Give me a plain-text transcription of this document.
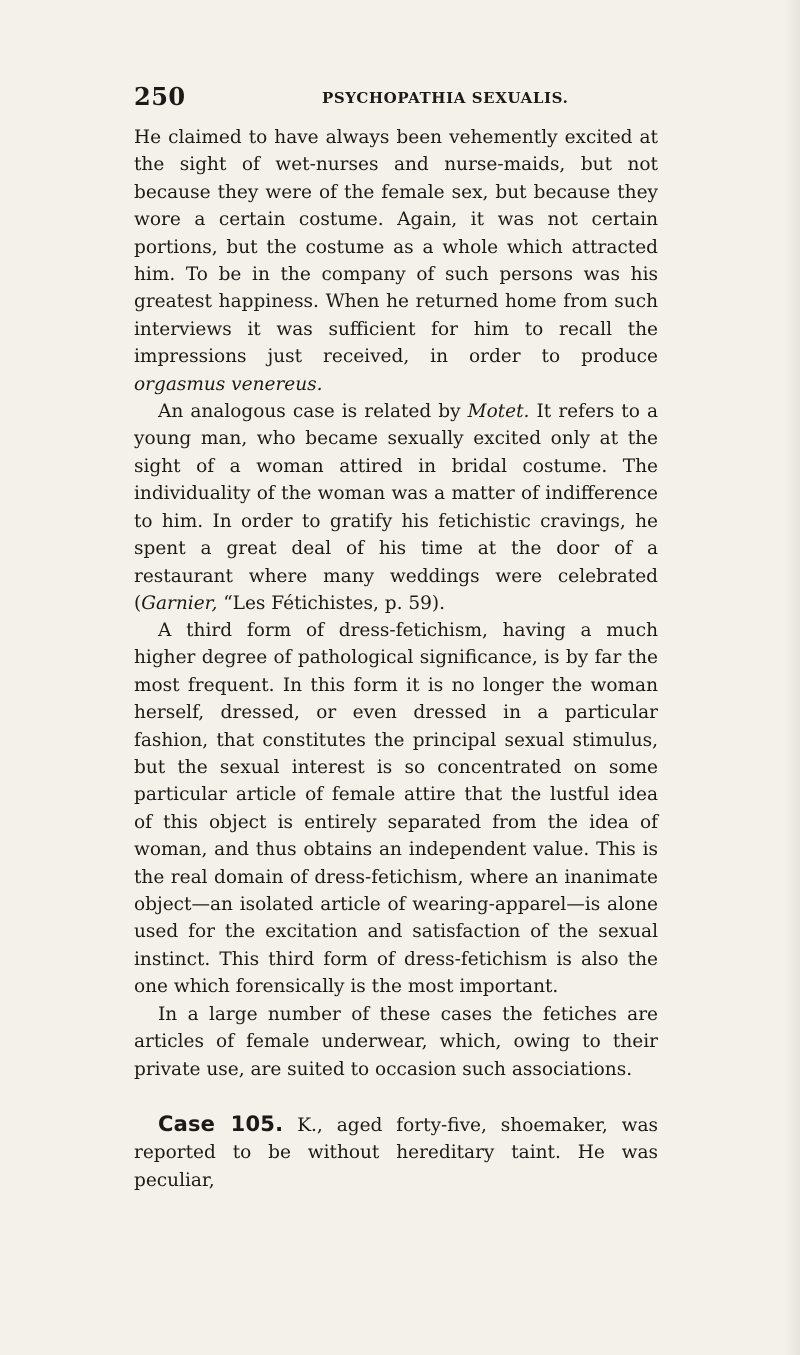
250	PSYCHOPATHIA SEXUALIS.

He claimed to have always been vehemently excited at the sight of wet-nurses and nurse-maids, but not because they were of the female sex, but because they wore a certain costume. Again, it was not certain portions, but the costume as a whole which attracted him. To be in the company of such persons was his greatest happiness. When he returned home from such interviews it was sufficient for him to recall the impressions just received, in order to produce orgasmus venereus.

An analogous case is related by Motet. It refers to a young man, who became sexually excited only at the sight of a woman attired in bridal costume. The individuality of the woman was a matter of indifference to him. In order to gratify his fetichistic cravings, he spent a great deal of his time at the door of a restaurant where many weddings were celebrated (Garnier, “Les Fétichistes, p. 59).

A third form of dress-fetichism, having a much higher degree of pathological significance, is by far the most frequent. In this form it is no longer the woman herself, dressed, or even dressed in a particular fashion, that constitutes the principal sexual stimulus, but the sexual interest is so concentrated on some particular article of female attire that the lustful idea of this object is entirely separated from the idea of woman, and thus obtains an independent value. This is the real domain of dress-fetichism, where an inanimate object—an isolated article of wearing-apparel—is alone used for the excitation and satisfaction of the sexual instinct. This third form of dress-fetichism is also the one which forensically is the most important.

In a large number of these cases the fetiches are articles of female underwear, which, owing to their private use, are suited to occasion such associations.

Case 105. K., aged forty-five, shoemaker, was reported to be without hereditary taint. He was peculiar,
